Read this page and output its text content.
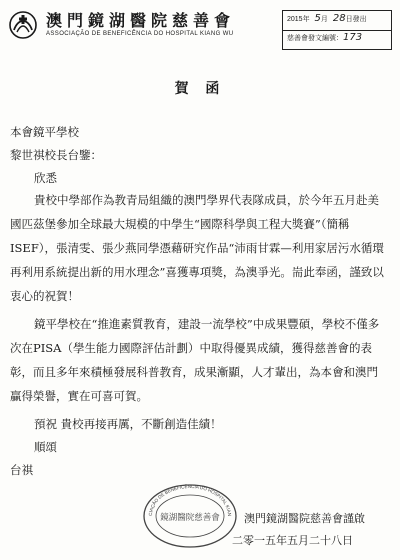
澳門鏡湖醫院慈善會
ASSOCIAÇÃO DE BENEFICÊNCIA DO HOSPITAL KIANG WU
2015年 5月 28日發出
慈善會發文編號：173
賀 函
本會鏡平學校
黎世祺校長台鑒：
欣悉
貴校中學部作為教青局組織的澳門學界代表隊成員，於今年五月赴美國匹茲堡參加全球最大規模的中學生“國際科學與工程大獎賽”（簡稱 ISEF），張清雯、張少燕同學憑藉研究作品“沛雨甘霖—利用家居污水循環再利用系統提出新的用水理念”喜獲專項獎，為澳爭光。耑此奉函，謹致以衷心的祝賀！
鏡平學校在“推進素質教育，建設一流學校”中成果豐碩，學校不僅多次在PISA（學生能力國際評估計劃）中取得優異成績，獲得慈善會的表彰，而且多年來積極發展科普教育，成果漸顯，人才輩出，為本會和澳門贏得榮譽，實在可喜可賀。
預祝 貴校再接再厲，不斷創造佳績！
順頌
台祺
CIAÇÃO DE BENEFICÊNCIA DO HOSPITAL KIAN
鏡湖醫院慈善會 澳門鏡湖醫院慈善會謹啟
二零一五年五月二十八日
